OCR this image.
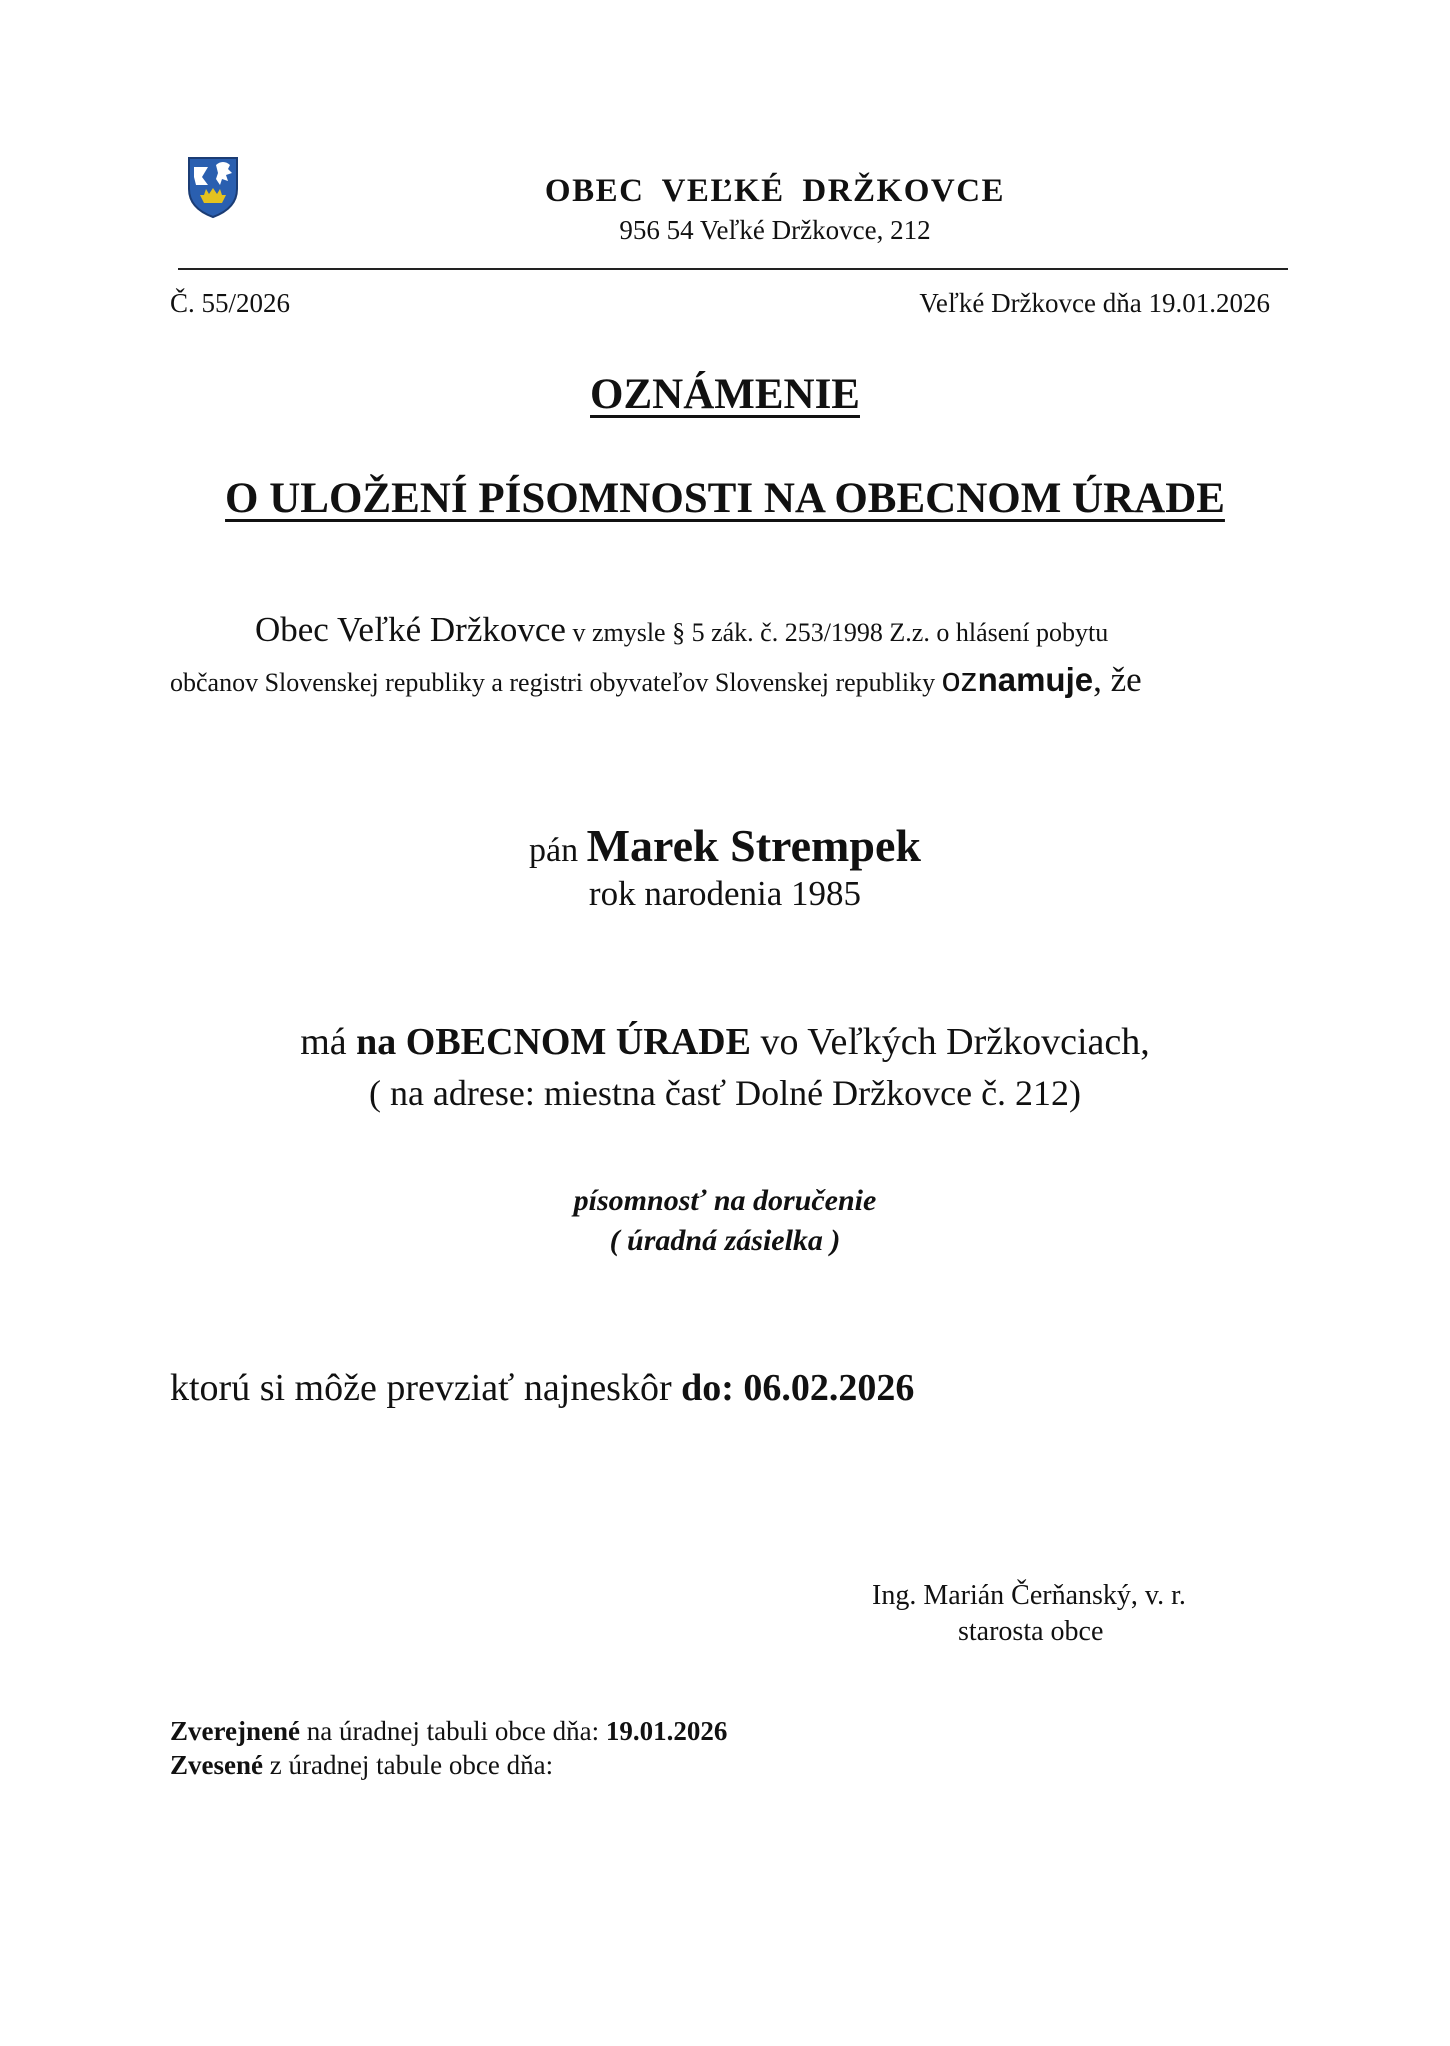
OBEC VEĽKÉ DRŽKOVCE
956 54 Veľké Držkovce, 212
Č. 55/2026	Veľké Držkovce dňa 19.01.2026
OZNÁMENIE
O ULOŽENÍ PÍSOMNOSTI NA OBECNOM ÚRADE
Obec Veľké Držkovce v zmysle § 5 zák. č. 253/1998 Z.z. o hlásení pobytu
občanov Slovenskej republiky a registri obyvateľov Slovenskej republiky oznamuje, že
pán Marek Strempek
rok narodenia 1985
má na OBECNOM ÚRADE vo Veľkých Držkovciach,
( na adrese: miestna časť Dolné Držkovce č. 212)
písomnosť na doručenie
( úradná zásielka )
ktorú si môže prevziať najneskôr do: 06.02.2026
Ing. Marián Čerňanský, v. r.
starosta obce
Zverejnené na úradnej tabuli obce dňa: 19.01.2026
Zvesené z úradnej tabule obce dňa:
